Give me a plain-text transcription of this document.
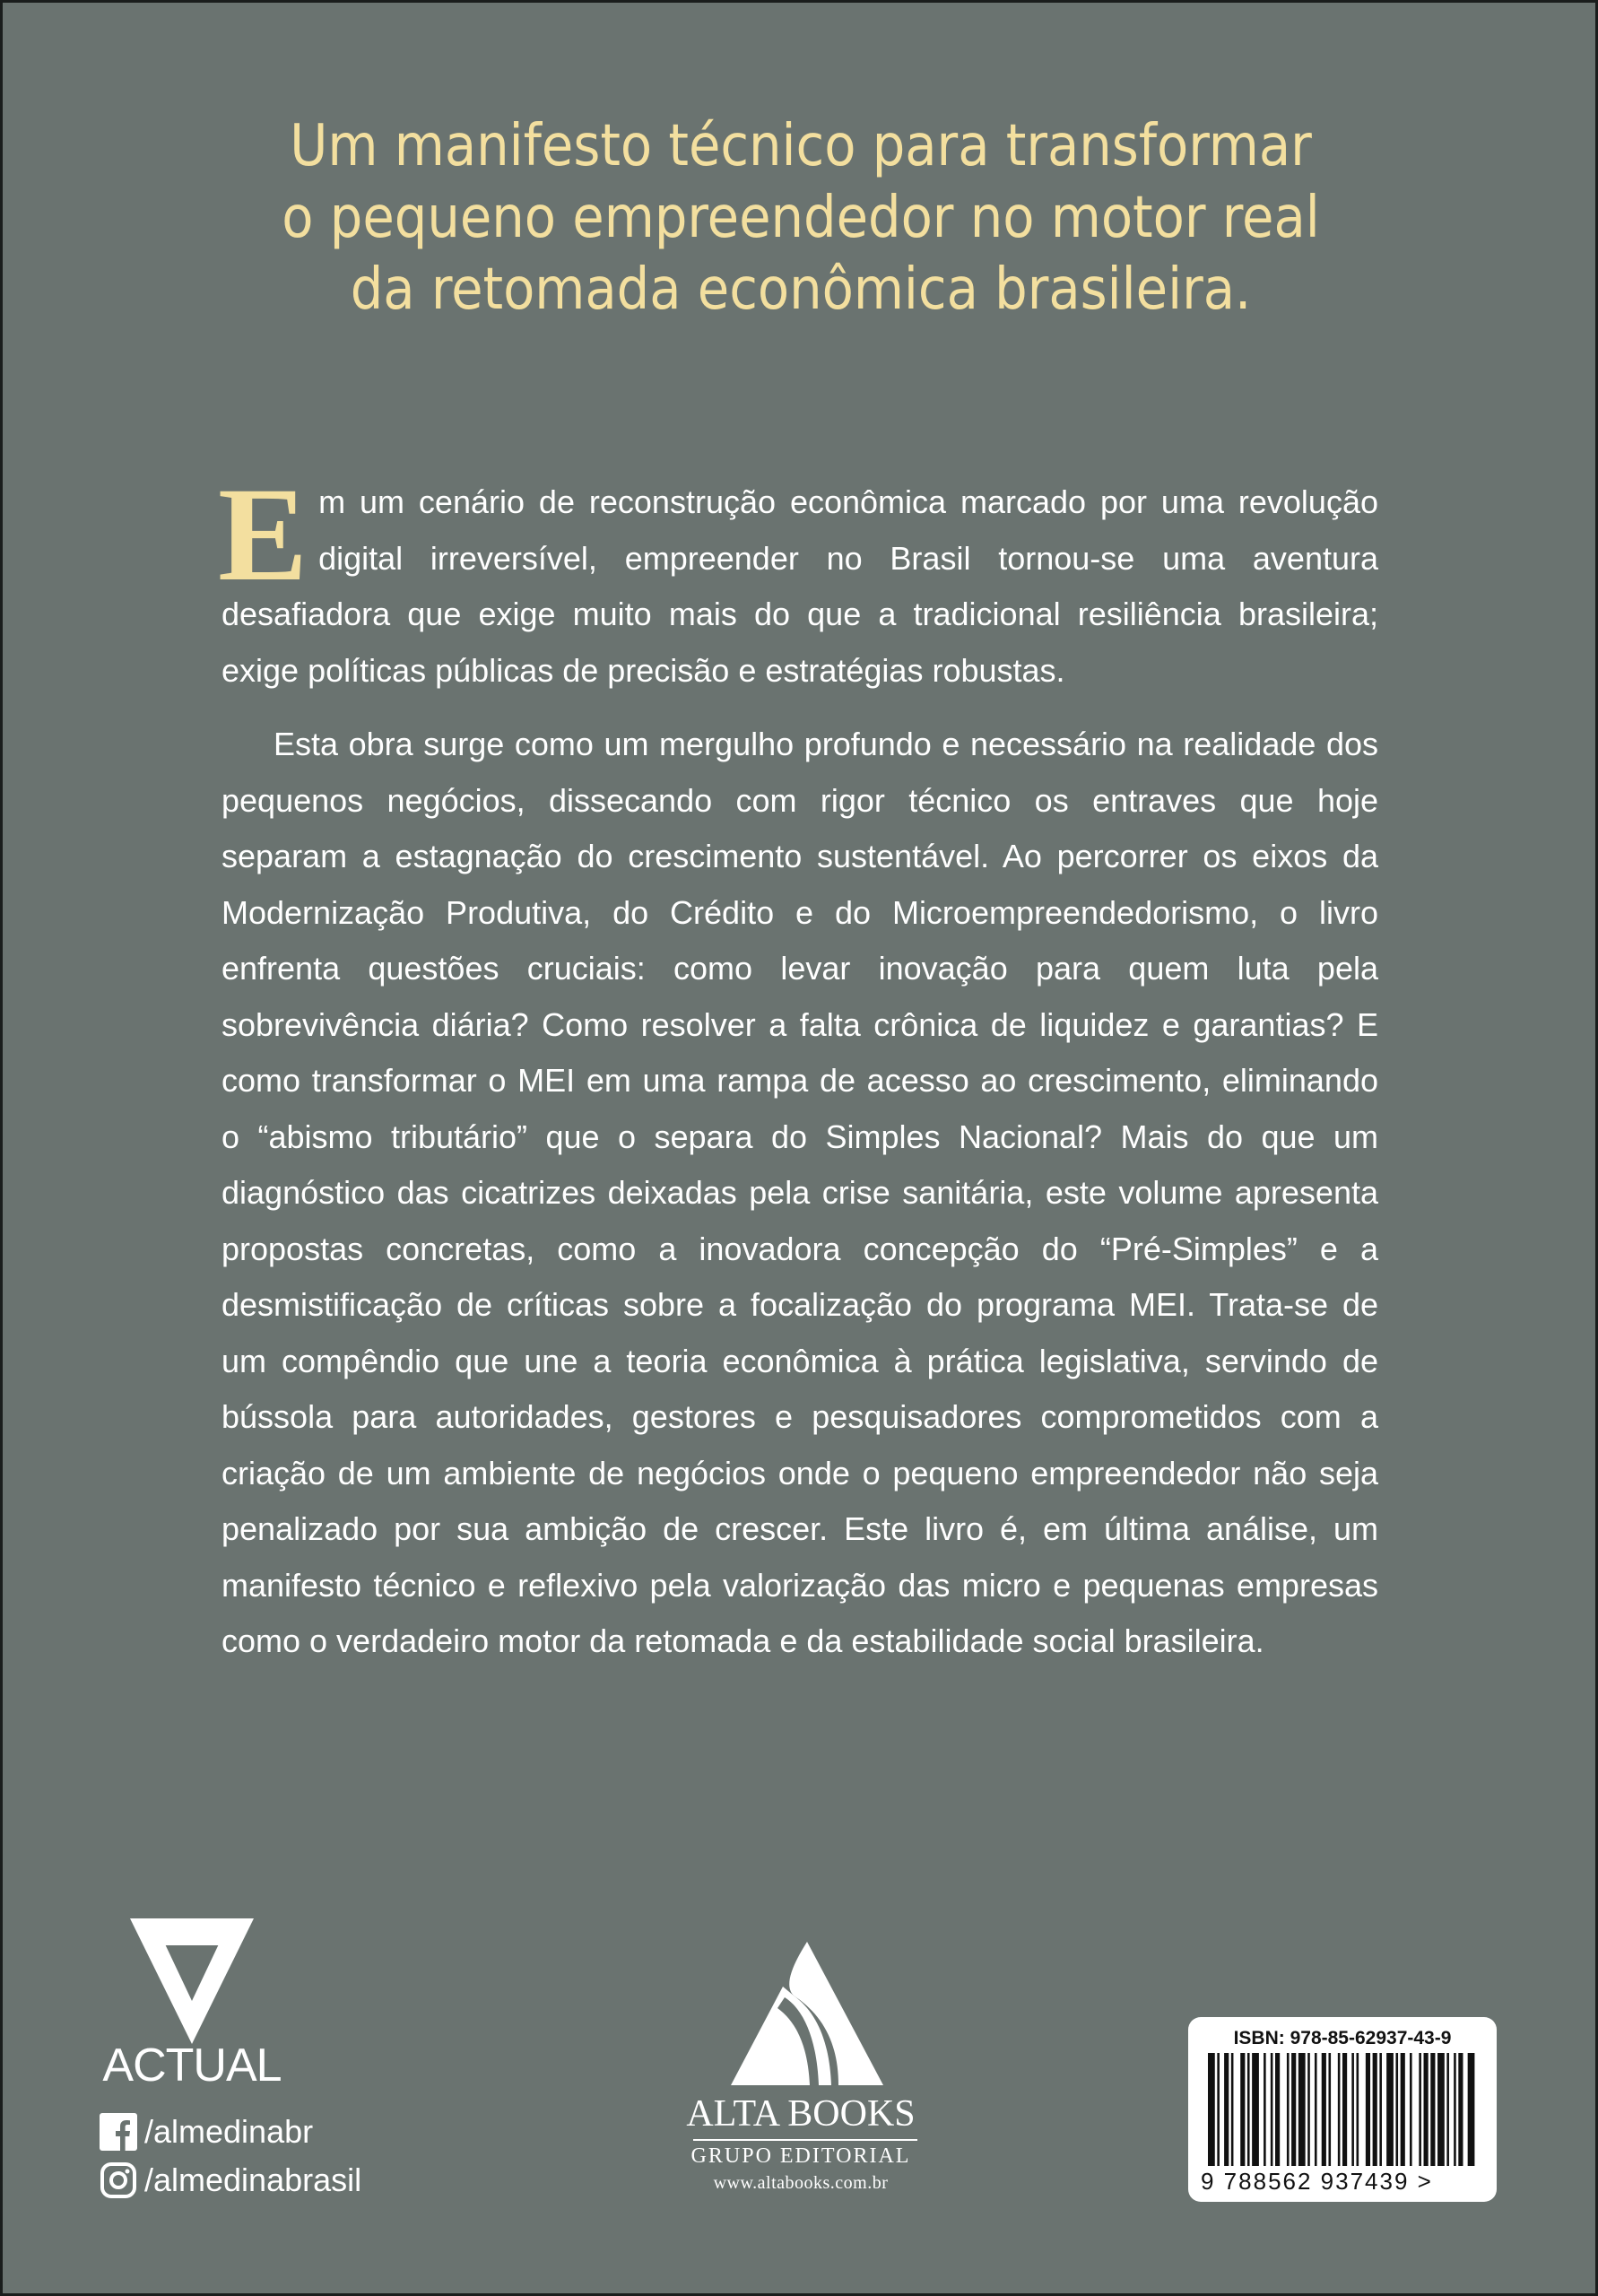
Um manifesto técnico para transformar
o pequeno empreendedor no motor real
da retomada econômica brasileira.

Em um cenário de reconstrução econômica marcado por uma revolução digital irreversível, empreender no Brasil tornou-se uma aventura desafiadora que exige muito mais do que a tradicional resiliência brasileira; exige políticas públicas de precisão e estratégias robustas.

Esta obra surge como um mergulho profundo e necessário na realidade dos pequenos negócios, dissecando com rigor técnico os entraves que hoje separam a estagnação do crescimento sustentável. Ao percorrer os eixos da Modernização Produtiva, do Crédito e do Microempreendedorismo, o livro enfrenta questões cruciais: como levar inovação para quem luta pela sobrevivência diária? Como resolver a falta crônica de liquidez e garantias? E como transformar o MEI em uma rampa de acesso ao crescimento, eliminando o “abismo tributário” que o separa do Simples Nacional? Mais do que um diagnóstico das cicatrizes deixadas pela crise sanitária, este volume apresenta propostas concretas, como a inovadora concepção do “Pré-Simples” e a desmistificação de críticas sobre a focalização do programa MEI. Trata-se de um compêndio que une a teoria econômica à prática legislativa, servindo de bússola para autoridades, gestores e pesquisadores comprometidos com a criação de um ambiente de negócios onde o pequeno empreendedor não seja penalizado por sua ambição de crescer. Este livro é, em última análise, um manifesto técnico e reflexivo pela valorização das micro e pequenas empresas como o verdadeiro motor da retomada e da estabilidade social brasileira.

ACTUAL
/almedinabr
/almedinabrasil
ALTA BOOKS
GRUPO EDITORIAL
www.altabooks.com.br
ISBN: 978-85-62937-43-9
9 788562 937439 >
